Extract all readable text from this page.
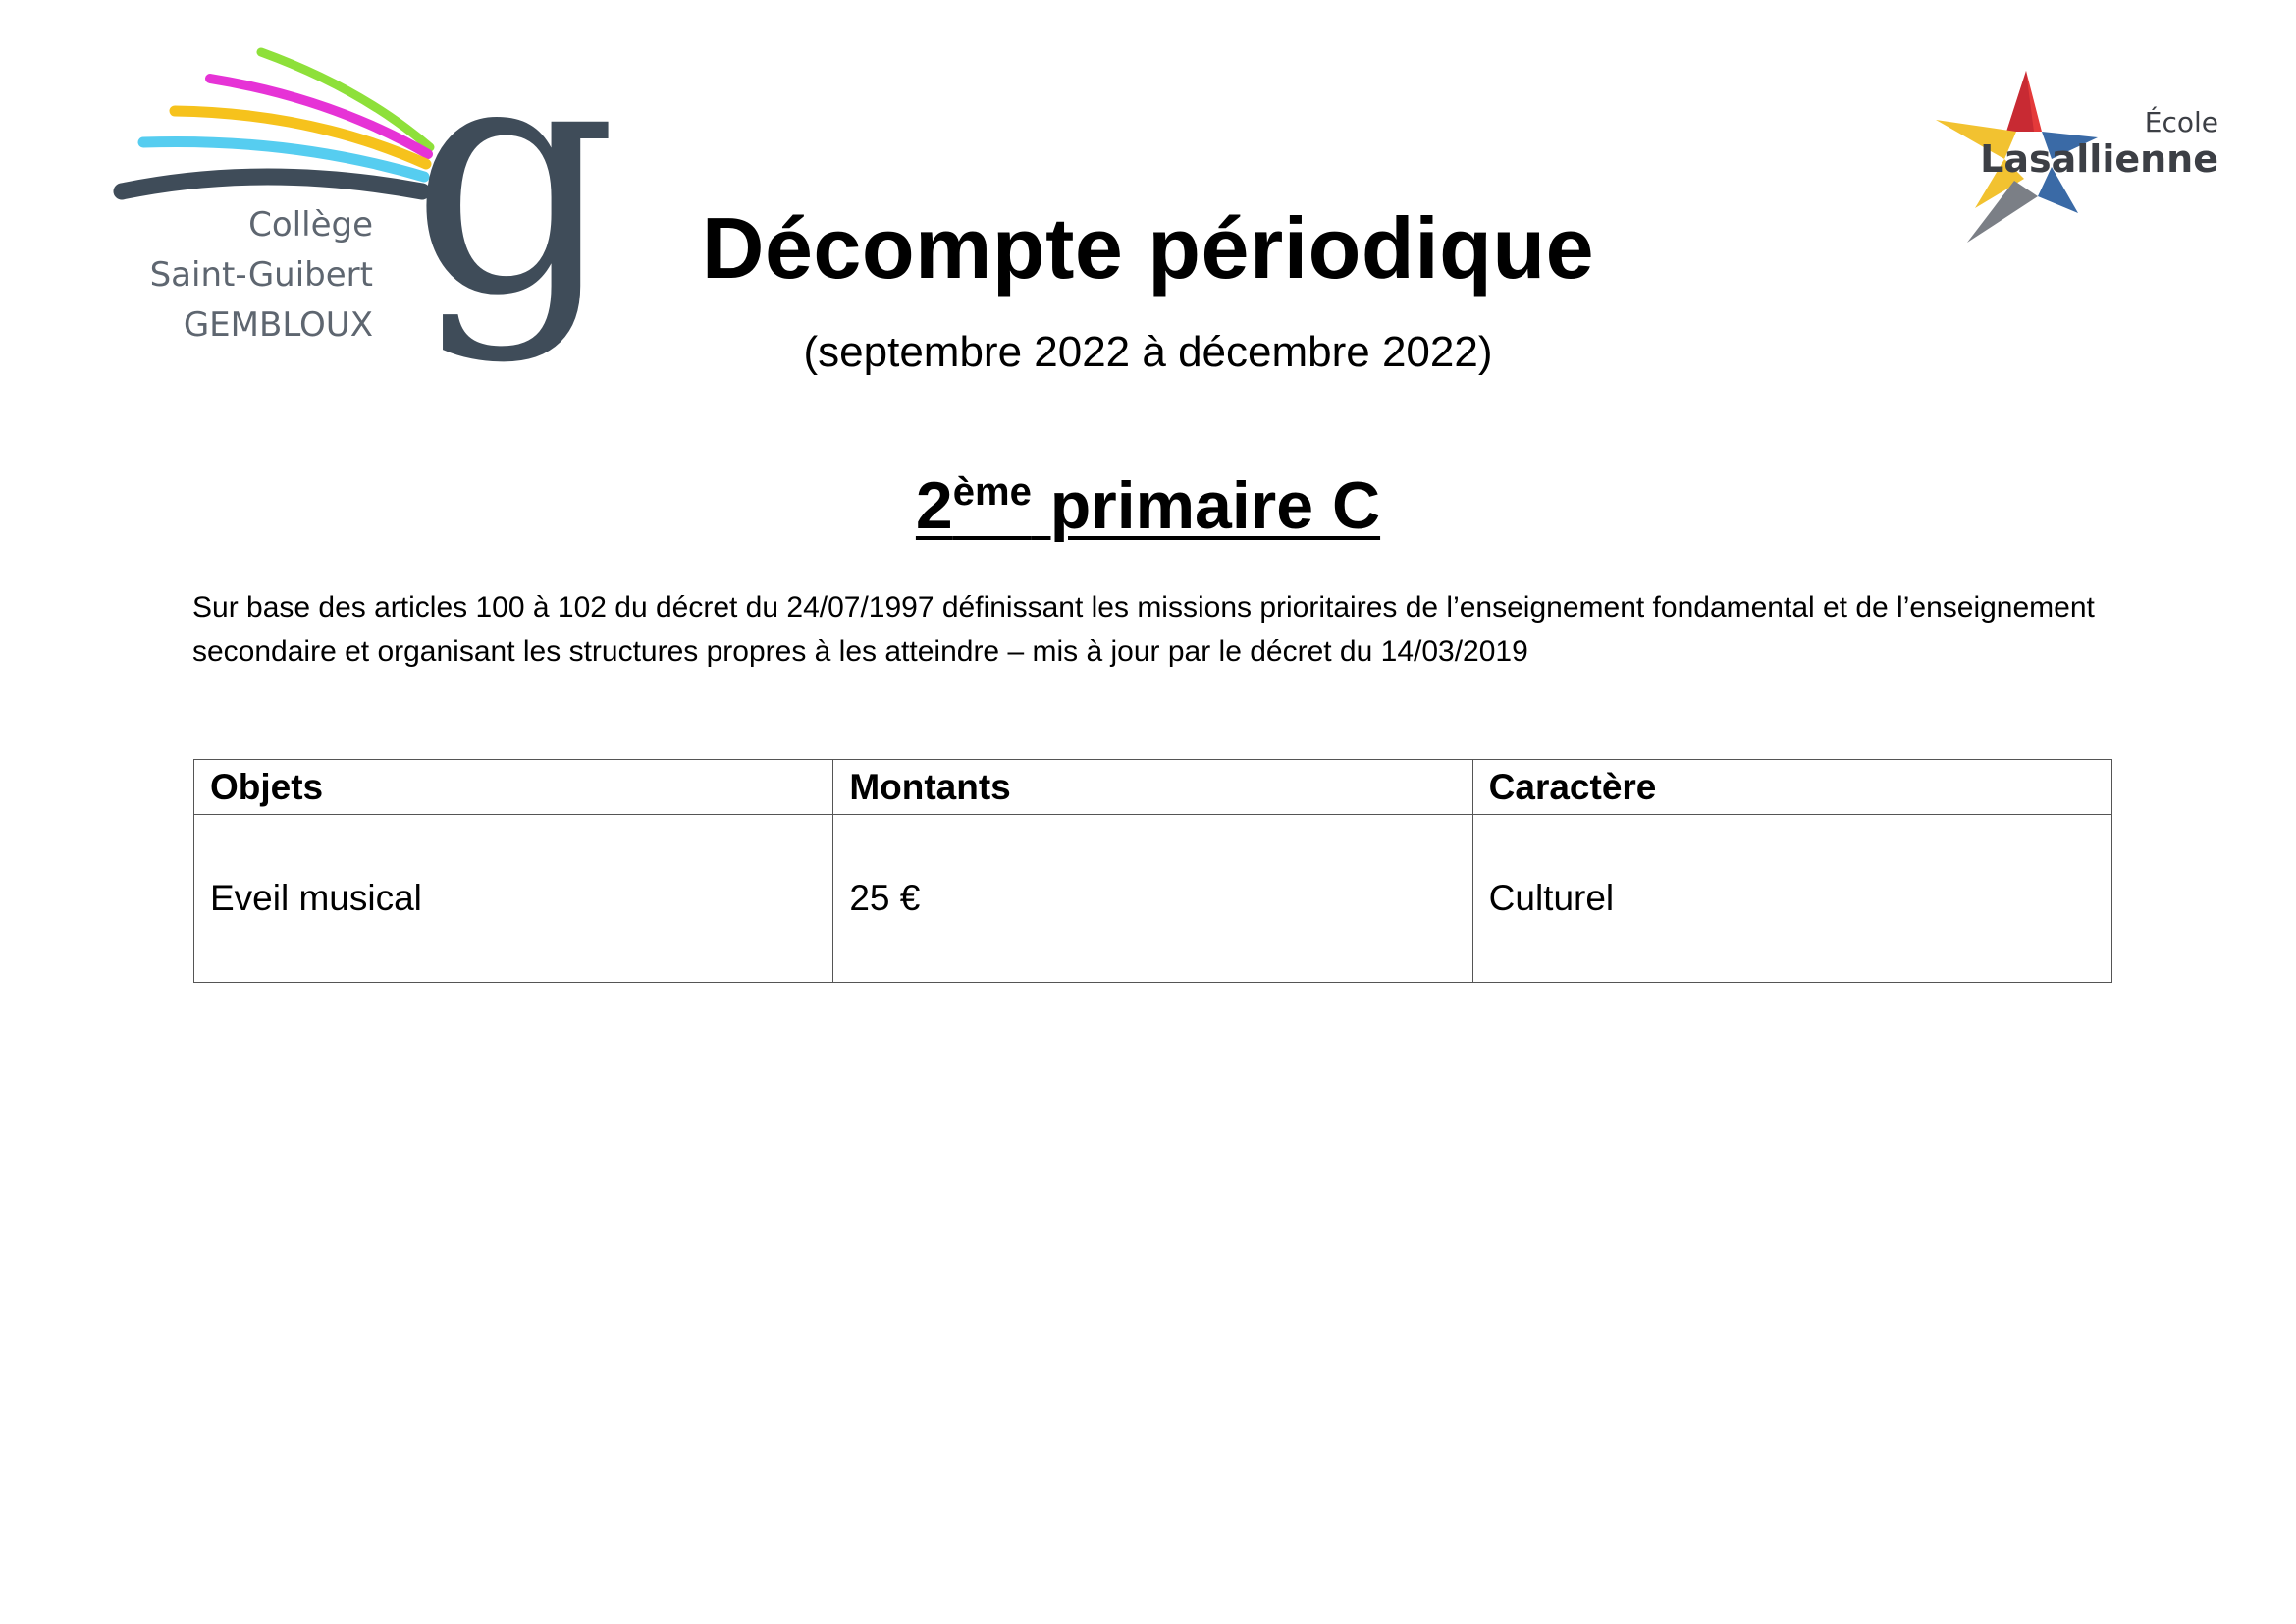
g
Collège
Saint-Guibert
GEMBLOUX
École
Lasallienne
Décompte périodique
(septembre 2022 à décembre 2022)
2ème primaire C
Sur base des articles 100 à 102 du décret du 24/07/1997 définissant les missions prioritaires de l’enseignement fondamental et de l’enseignement secondaire et organisant les structures propres à les atteindre – mis à jour par le décret du 14/03/2019
Objets	Montants	Caractère
Eveil musical	25 €	Culturel
